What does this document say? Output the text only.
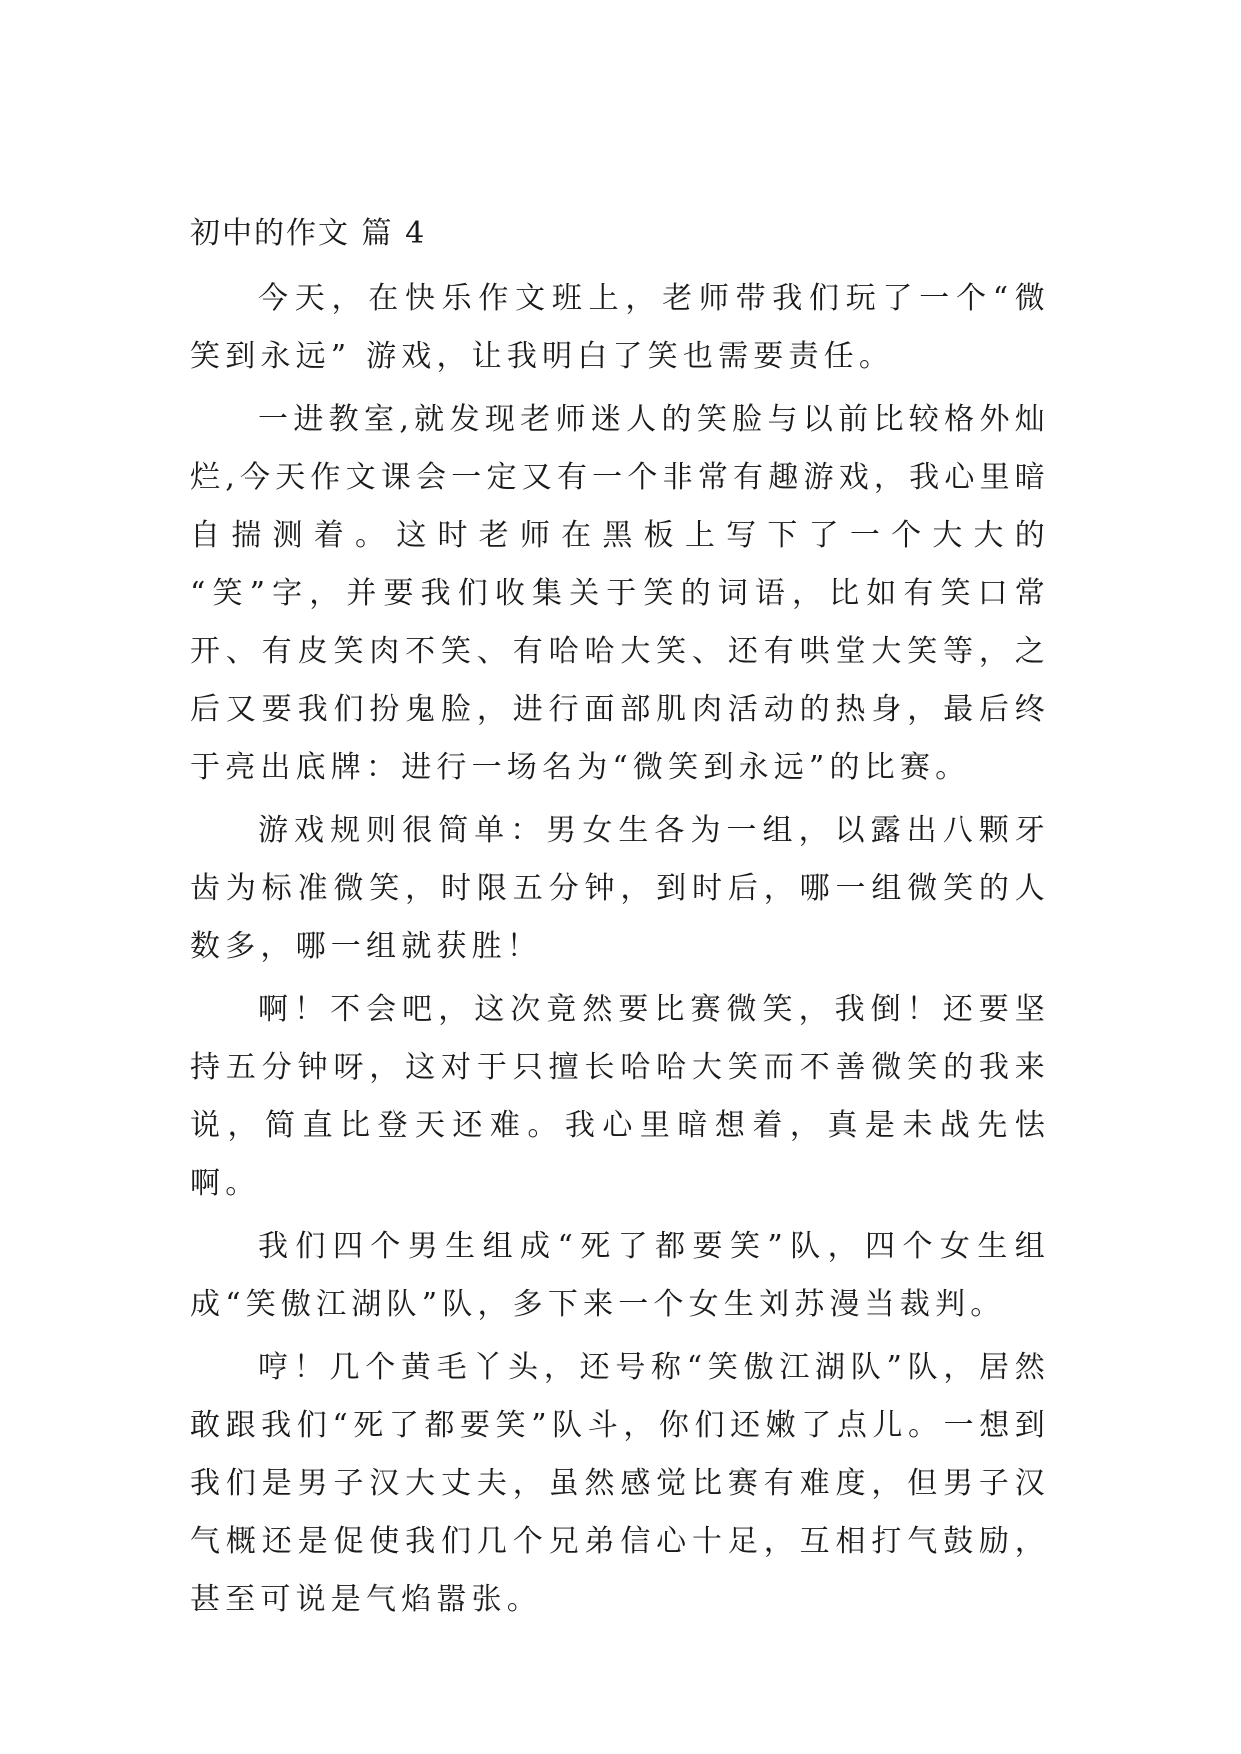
初中的作文 篇 4

今天，在快乐作文班上，老师带我们玩了一个“微笑到永远” 游戏，让我明白了笑也需要责任。

一进教室,就发现老师迷人的笑脸与以前比较格外灿烂,今天作文课会一定又有一个非常有趣游戏，我心里暗自揣测着。这时老师在黑板上写下了一个大大的 “笑”字，并要我们收集关于笑的词语，比如有笑口常开、有皮笑肉不笑、有哈哈大笑、还有哄堂大笑等，之后又要我们扮鬼脸，进行面部肌肉活动的热身，最后终 于亮出底牌：进行一场名为“微笑到永远”的比赛。

游戏规则很简单：男女生各为一组，以露出八颗牙齿为标准微笑，时限五分钟，到时后，哪一组微笑的人数多，哪一组就获胜！

啊！不会吧，这次竟然要比赛微笑，我倒！还要坚持五分钟呀，这对于只擅长哈哈大笑而不善微笑的我来说，简直比登天还难。我心里暗想着，真是未战先怯啊。

我们四个男生组成“死了都要笑”队，四个女生组成“笑傲江湖队”队，多下来一个女生刘苏漫当裁判。

哼！几个黄毛丫头，还号称“笑傲江湖队”队，居然敢跟我们“死了都要笑”队斗，你们还嫩了点儿。一想到我们是男子汉大丈夫，虽然感觉比赛有难度，但男子汉气概还是促使我们几个兄弟信心十足，互相打气鼓励，甚至可说是气焰嚣张。
